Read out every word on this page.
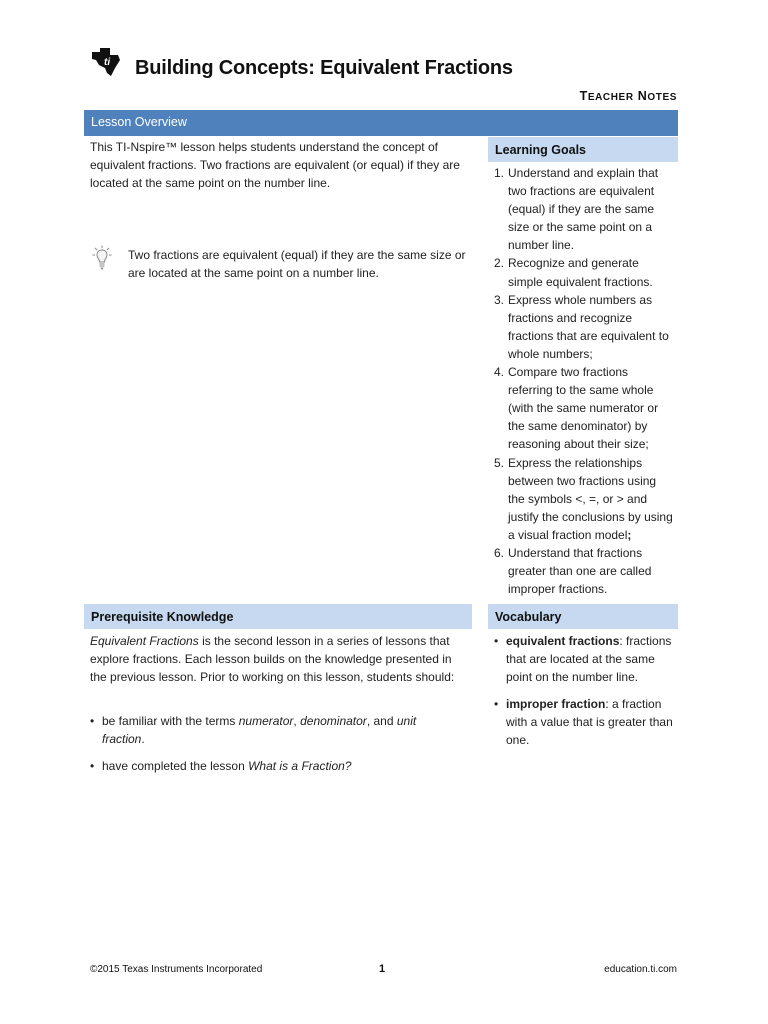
ti Building Concepts: Equivalent Fractions
TEACHER NOTES
Lesson Overview
This TI-Nspire™ lesson helps students understand the concept of equivalent fractions. Two fractions are equivalent (or equal) if they are located at the same point on the number line.
Two fractions are equivalent (equal) if they are the same size or are located at the same point on a number line.
Learning Goals
1. Understand and explain that two fractions are equivalent (equal) if they are the same size or the same point on a number line.
2. Recognize and generate simple equivalent fractions.
3. Express whole numbers as fractions and recognize fractions that are equivalent to whole numbers;
4. Compare two fractions referring to the same whole (with the same numerator or the same denominator) by reasoning about their size;
5. Express the relationships between two fractions using the symbols <, =, or > and justify the conclusions by using a visual fraction model;
6. Understand that fractions greater than one are called improper fractions.
Prerequisite Knowledge
Equivalent Fractions is the second lesson in a series of lessons that explore fractions. Each lesson builds on the knowledge presented in the previous lesson. Prior to working on this lesson, students should:
• be familiar with the terms numerator, denominator, and unit fraction.
• have completed the lesson What is a Fraction?
Vocabulary
• equivalent fractions: fractions that are located at the same point on the number line.
• improper fraction: a fraction with a value that is greater than one.
©2015 Texas Instruments Incorporated	1	education.ti.com
